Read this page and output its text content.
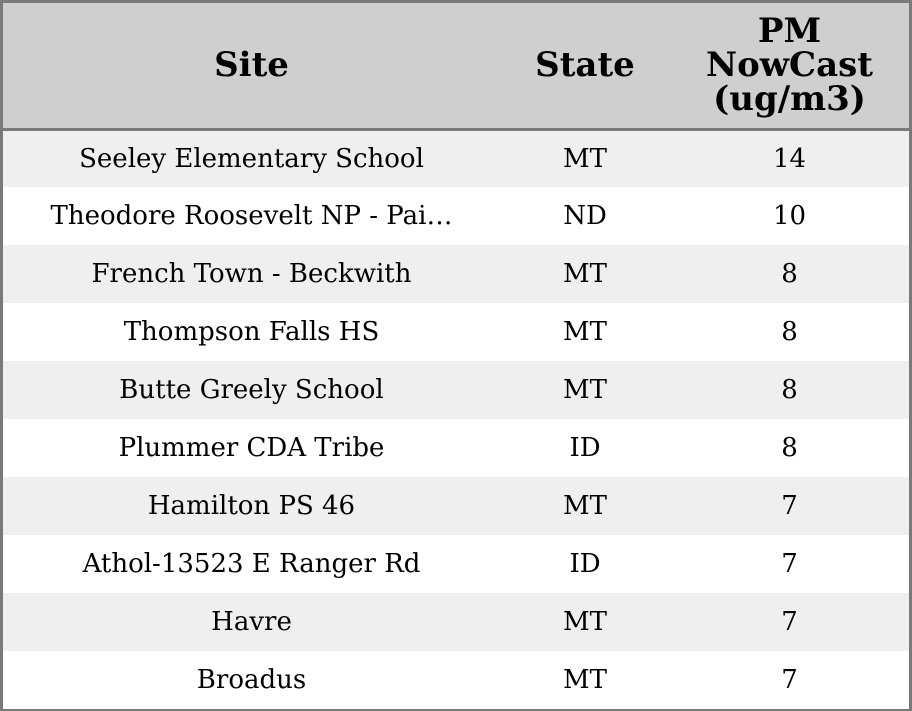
Site	State	PM
NowCast
(ug/m3)

Seeley Elementary School	MT	14
Theodore Roosevelt NP - Pai…	ND	10
French Town - Beckwith	MT	8
Thompson Falls HS	MT	8
Butte Greely School	MT	8
Plummer CDA Tribe	ID	8
Hamilton PS 46	MT	7
Athol-13523 E Ranger Rd	ID	7
Havre	MT	7
Broadus	MT	7
